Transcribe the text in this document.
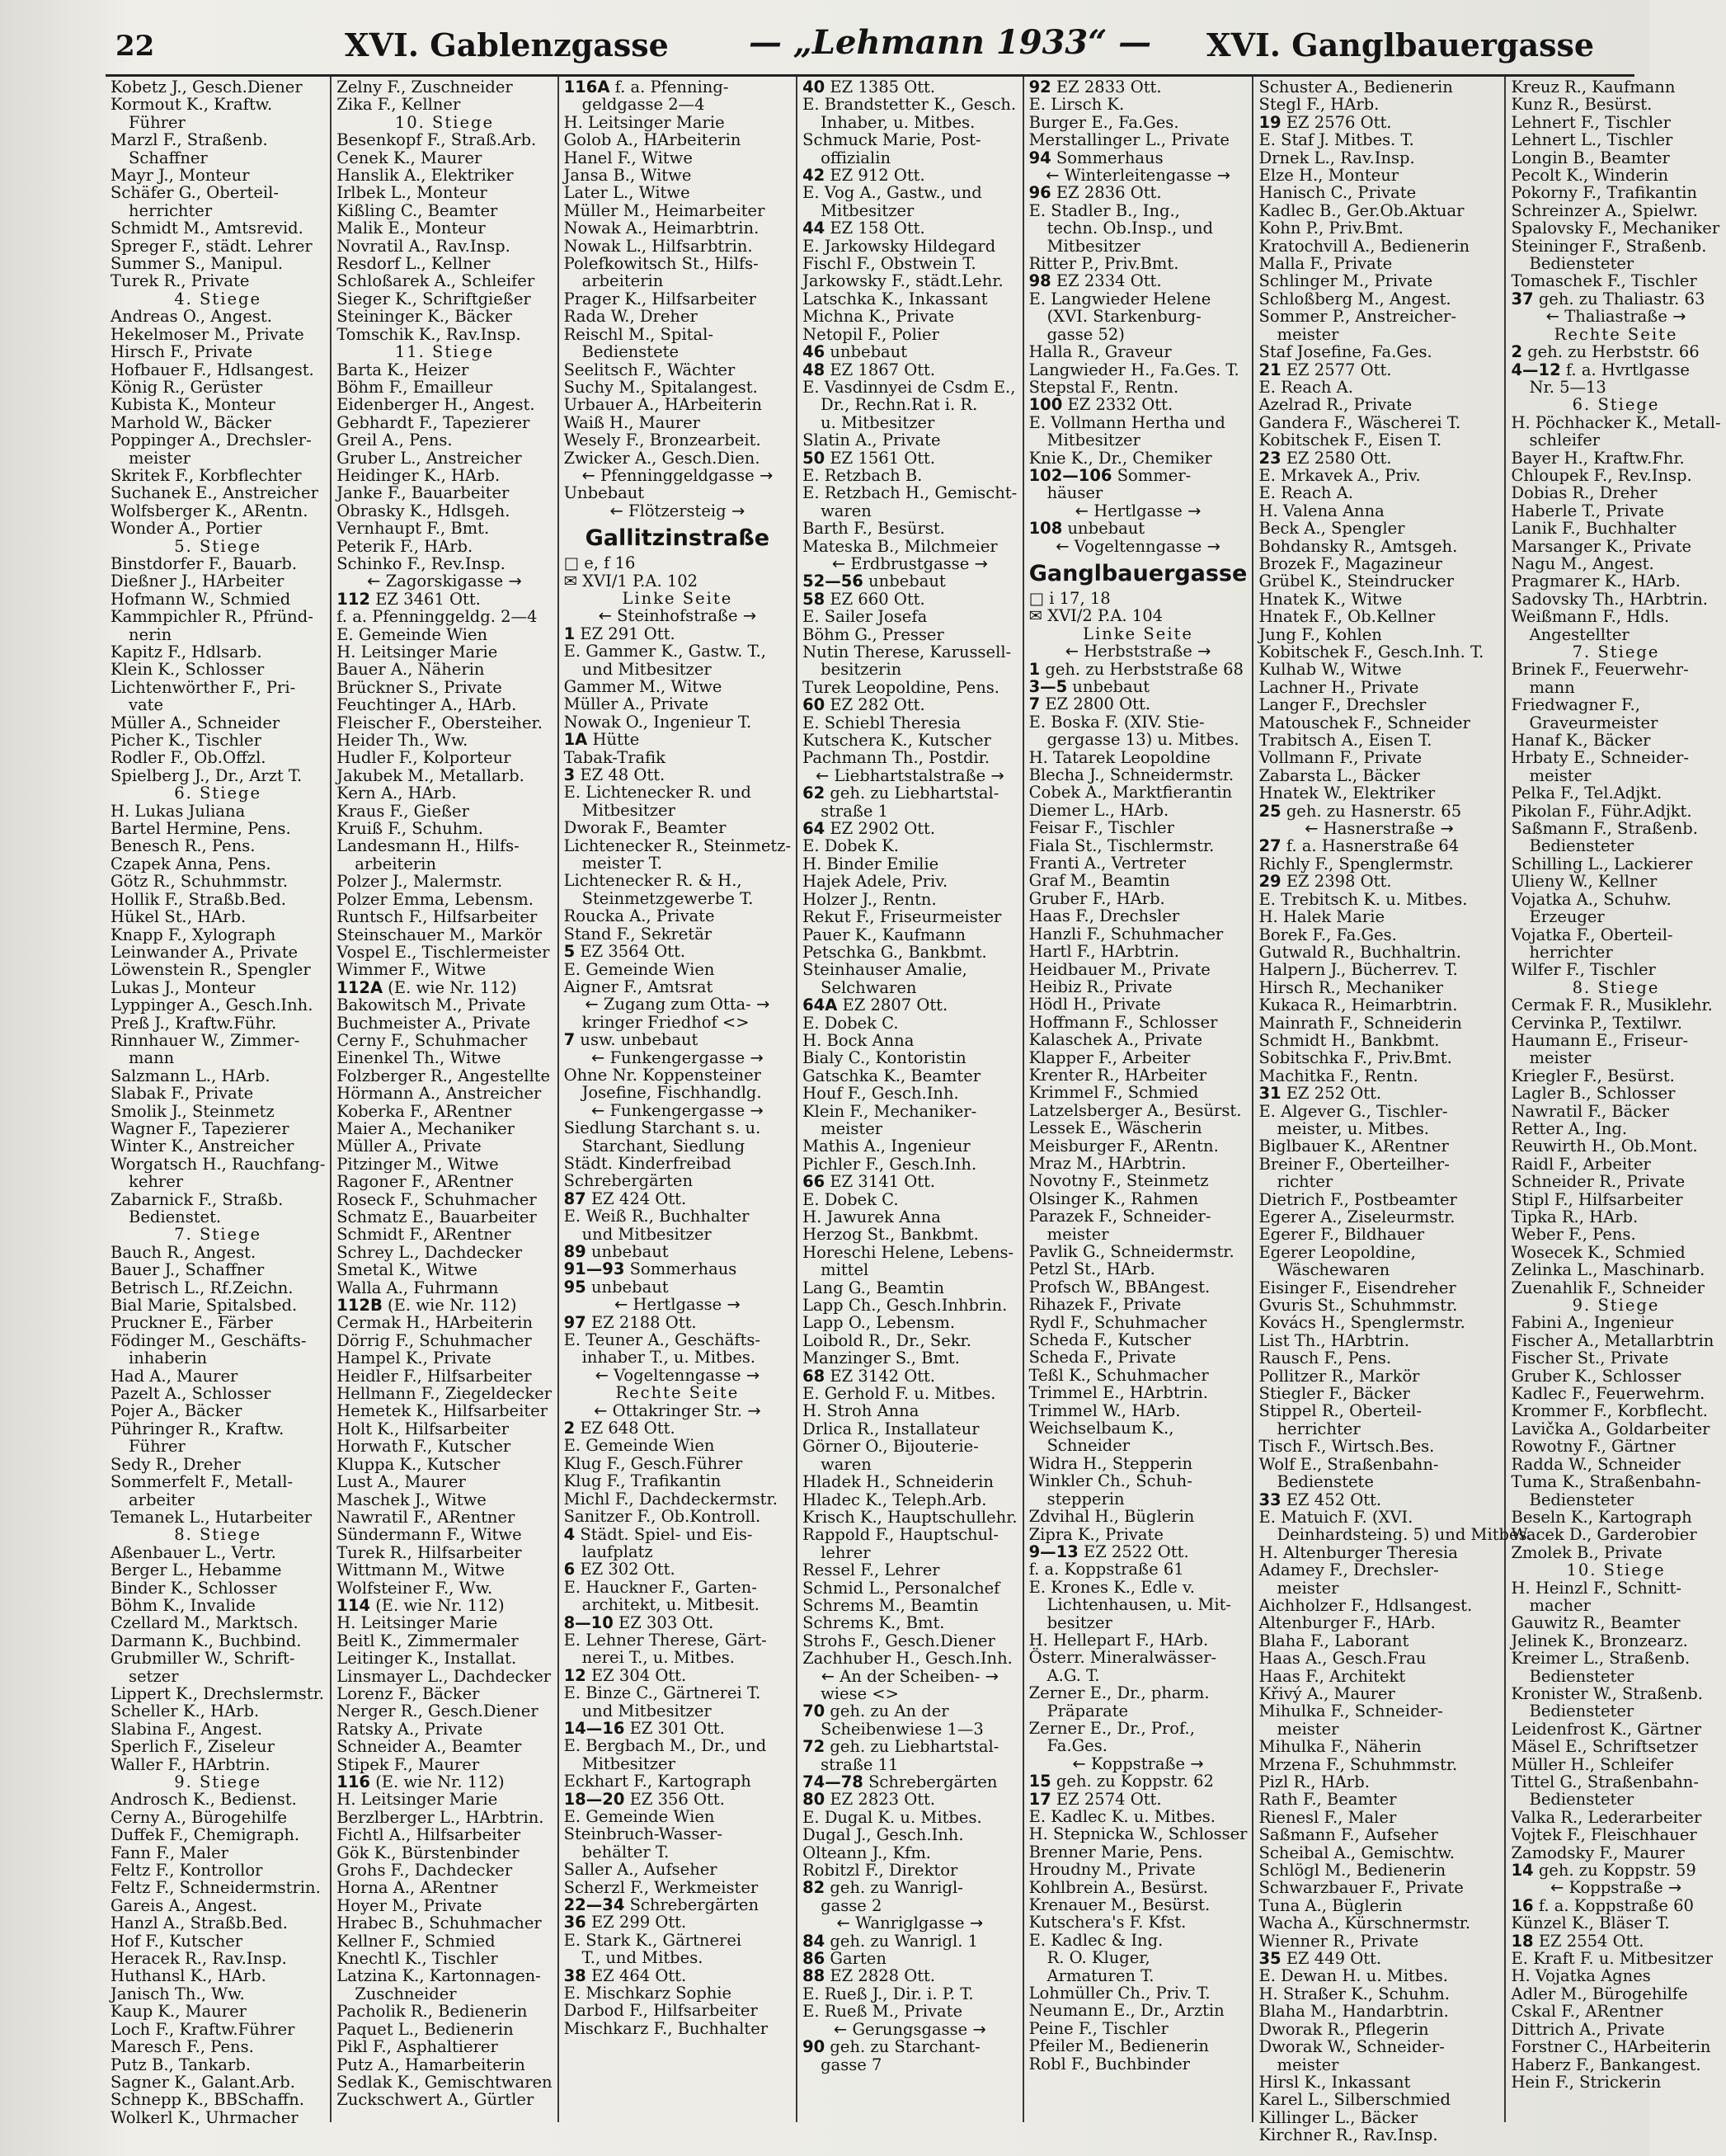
22	XVI. Gablenzgasse — „Lehmann 1933“ — XVI. Ganglbauergasse
Kobetz J., Gesch.Diener
Kormout K., Kraftw.
Führer
Marzl F., Straßenb.
Schaffner
Mayr J., Monteur
Schäfer G., Oberteil-
herrichter
Schmidt M., Amtsrevid.
Spreger F., städt. Lehrer
Summer S., Manipul.
Turek R., Private
4. Stiege
Andreas O., Angest.
Hekelmoser M., Private
Hirsch F., Private
Hofbauer F., Hdlsangest.
König R., Gerüster
Kubista K., Monteur
Marhold W., Bäcker
Poppinger A., Drechsler-
meister
Skritek F., Korbflechter
Suchanek E., Anstreicher
Wolfsberger K., ARentn.
Wonder A., Portier
5. Stiege
Binstdorfer F., Bauarb.
Dießner J., HArbeiter
Hofmann W., Schmied
Kammpichler R., Pfründ-
nerin
Kapitz F., Hdlsarb.
Klein K., Schlosser
Lichtenwörther F., Pri-
vate
Müller A., Schneider
Picher K., Tischler
Rodler F., Ob.Offzl.
Spielberg J., Dr., Arzt T.
6. Stiege
H. Lukas Juliana
Bartel Hermine, Pens.
Benesch R., Pens.
Czapek Anna, Pens.
Götz R., Schuhmmstr.
Hollik F., Straßb.Bed.
Hükel St., HArb.
Knapp F., Xylograph
Leinwander A., Private
Löwenstein R., Spengler
Lukas J., Monteur
Lyppinger A., Gesch.Inh.
Preß J., Kraftw.Führ.
Rinnhauer W., Zimmer-
mann
Salzmann L., HArb.
Slabak F., Private
Smolik J., Steinmetz
Wagner F., Tapezierer
Winter K., Anstreicher
Worgatsch H., Rauchfang-
kehrer
Zabarnick F., Straßb.
Bedienstet.
7. Stiege
Bauch R., Angest.
Bauer J., Schaffner
Betrisch L., Rf.Zeichn.
Bial Marie, Spitalsbed.
Pruckner E., Färber
Födinger M., Geschäfts-
inhaberin
Had A., Maurer
Pazelt A., Schlosser
Pojer A., Bäcker
Pühringer R., Kraftw.
Führer
Sedy R., Dreher
Sommerfelt F., Metall-
arbeiter
Temanek L., Hutarbeiter
8. Stiege
Aßenbauer L., Vertr.
Berger L., Hebamme
Binder K., Schlosser
Böhm K., Invalide
Czellard M., Marktsch.
Darmann K., Buchbind.
Grubmiller W., Schrift-
setzer
Lippert K., Drechslermstr.
Scheller K., HArb.
Slabina F., Angest.
Sperlich F., Ziseleur
Waller F., HArbtrin.
9. Stiege
Androsch K., Bedienst.
Cerny A., Bürogehilfe
Duffek F., Chemigraph.
Fann F., Maler
Feltz F., Kontrollor
Feltz F., Schneidermstrin.
Gareis A., Angest.
Hanzl A., Straßb.Bed.
Hof F., Kutscher
Heracek R., Rav.Insp.
Huthansl K., HArb.
Janisch Th., Ww.
Kaup K., Maurer
Loch F., Kraftw.Führer
Maresch F., Pens.
Putz B., Tankarb.
Sagner K., Galant.Arb.
Schnepp K., BBSchaffn.
Wolkerl K., Uhrmacher
Zelny F., Zuschneider
Zika F., Kellner
10. Stiege
Besenkopf F., Straß.Arb.
Cenek K., Maurer
Hanslik A., Elektriker
Irlbek L., Monteur
Kißling C., Beamter
Malik E., Monteur
Novratil A., Rav.Insp.
Resdorf L., Kellner
Schloßarek A., Schleifer
Sieger K., Schriftgießer
Steininger K., Bäcker
Tomschik K., Rav.Insp.
11. Stiege
Barta K., Heizer
Böhm F., Emailleur
Eidenberger H., Angest.
Gebhardt F., Tapezierer
Greil A., Pens.
Gruber L., Anstreicher
Heidinger K., HArb.
Janke F., Bauarbeiter
Obrasky K., Hdlsgeh.
Vernhaupt F., Bmt.
Peterik F., HArb.
Schinko F., Rev.Insp.
← Zagorskigasse →
112 EZ 3461 Ott.
f. a. Pfenninggeldg. 2—4
E. Gemeinde Wien
H. Leitsinger Marie
Bauer A., Näherin
Brückner S., Private
Feuchtinger A., HArb.
Fleischer F., Obersteiher.
Heider Th., Ww.
Hudler F., Kolporteur
Jakubek M., Metallarb.
Kern A., HArb.
Kraus F., Gießer
Kruiß F., Schuhm.
Landesmann H., Hilfs-
arbeiterin
Polzer J., Malermstr.
Polzer Emma, Lebensm.
Runtsch F., Hilfsarbeiter
Steinschauer M., Markör
Vospel E., Tischlermeister
Wimmer F., Witwe
112A (E. wie Nr. 112)
Bakowitsch M., Private
Buchmeister A., Private
Cerny F., Schuhmacher
Einenkel Th., Witwe
Folzberger R., Angestellte
Hörmann A., Anstreicher
Koberka F., ARentner
Maier A., Mechaniker
Müller A., Private
Pitzinger M., Witwe
Ragoner F., ARentner
Roseck F., Schuhmacher
Schmatz E., Bauarbeiter
Schmidt F., ARentner
Schrey L., Dachdecker
Smetal K., Witwe
Walla A., Fuhrmann
112B (E. wie Nr. 112)
Cermak H., HArbeiterin
Dörrig F., Schuhmacher
Hampel K., Private
Heidler F., Hilfsarbeiter
Hellmann F., Ziegeldecker
Hemetek K., Hilfsarbeiter
Holt K., Hilfsarbeiter
Horwath F., Kutscher
Kluppa K., Kutscher
Lust A., Maurer
Maschek J., Witwe
Nawratil F., ARentner
Sündermann F., Witwe
Turek R., Hilfsarbeiter
Wittmann M., Witwe
Wolfsteiner F., Ww.
114 (E. wie Nr. 112)
H. Leitsinger Marie
Beitl K., Zimmermaler
Leitinger K., Installat.
Linsmayer L., Dachdecker
Lorenz F., Bäcker
Nerger R., Gesch.Diener
Ratsky A., Private
Schneider A., Beamter
Stipek F., Maurer
116 (E. wie Nr. 112)
H. Leitsinger Marie
Berzlberger L., HArbtrin.
Fichtl A., Hilfsarbeiter
Gök K., Bürstenbinder
Grohs F., Dachdecker
Horna A., ARentner
Hoyer M., Private
Hrabec B., Schuhmacher
Kellner F., Schmied
Knechtl K., Tischler
Latzina K., Kartonnagen-
Zuschneider
Pacholik R., Bedienerin
Paquet L., Bedienerin
Pikl F., Asphaltierer
Putz A., Hamarbeiterin
Sedlak K., Gemischtwaren
Zuckschwert A., Gürtler
116A f. a. Pfenning-
geldgasse 2—4
H. Leitsinger Marie
Golob A., HArbeiterin
Hanel F., Witwe
Jansa B., Witwe
Later L., Witwe
Müller M., Heimarbeiter
Nowak A., Heimarbtrin.
Nowak L., Hilfsarbtrin.
Polefkowitsch St., Hilfs-
arbeiterin
Prager K., Hilfsarbeiter
Rada W., Dreher
Reischl M., Spital-
Bedienstete
Seelitsch F., Wächter
Suchy M., Spitalangest.
Urbauer A., HArbeiterin
Waiß H., Maurer
Wesely F., Bronzearbeit.
Zwicker A., Gesch.Dien.
← Pfenninggeldgasse →
Unbebaut
← Flötzersteig →
Gallitzinstraße
□ e, f 16
✉ XVI/1 P.A. 102
Linke Seite
← Steinhofstraße →
1 EZ 291 Ott.
E. Gammer K., Gastw. T.,
und Mitbesitzer
Gammer M., Witwe
Müller A., Private
Nowak O., Ingenieur T.
1A Hütte
Tabak-Trafik
3 EZ 48 Ott.
E. Lichtenecker R. und
Mitbesitzer
Dworak F., Beamter
Lichtenecker R., Steinmetz-
meister T.
Lichtenecker R. & H.,
Steinmetzgewerbe T.
Roucka A., Private
Stand F., Sekretär
5 EZ 3564 Ott.
E. Gemeinde Wien
Aigner F., Amtsrat
← Zugang zum Otta- →
kringer Friedhof <>
7 usw. unbebaut
← Funkengergasse →
Ohne Nr. Koppensteiner
Josefine, Fischhandlg.
← Funkengergasse →
Siedlung Starchant s. u.
Starchant, Siedlung
Städt. Kinderfreibad
Schrebergärten
87 EZ 424 Ott.
E. Weiß R., Buchhalter
und Mitbesitzer
89 unbebaut
91—93 Sommerhaus
95 unbebaut
← Hertlgasse →
97 EZ 2188 Ott.
E. Teuner A., Geschäfts-
inhaber T., u. Mitbes.
← Vogeltenngasse →
Rechte Seite
← Ottakringer Str. →
2 EZ 648 Ott.
E. Gemeinde Wien
Klug F., Gesch.Führer
Klug F., Trafikantin
Michl F., Dachdeckermstr.
Sanitzer F., Ob.Kontroll.
4 Städt. Spiel- und Eis-
laufplatz
6 EZ 302 Ott.
E. Hauckner F., Garten-
architekt, u. Mitbesit.
8—10 EZ 303 Ott.
E. Lehner Therese, Gärt-
nerei T., u. Mitbes.
12 EZ 304 Ott.
E. Binze C., Gärtnerei T.
und Mitbesitzer
14—16 EZ 301 Ott.
E. Bergbach M., Dr., und
Mitbesitzer
Eckhart F., Kartograph
18—20 EZ 356 Ott.
E. Gemeinde Wien
Steinbruch-Wasser-
behälter T.
Saller A., Aufseher
Scherzl F., Werkmeister
22—34 Schrebergärten
36 EZ 299 Ott.
E. Stark K., Gärtnerei
T., und Mitbes.
38 EZ 464 Ott.
E. Mischkarz Sophie
Darbod F., Hilfsarbeiter
Mischkarz F., Buchhalter
40 EZ 1385 Ott.
E. Brandstetter K., Gesch.
Inhaber, u. Mitbes.
Schmuck Marie, Post-
offizialin
42 EZ 912 Ott.
E. Vog A., Gastw., und
Mitbesitzer
44 EZ 158 Ott.
E. Jarkowsky Hildegard
Fischl F., Obstwein T.
Jarkowsky F., städt.Lehr.
Latschka K., Inkassant
Michna K., Private
Netopil F., Polier
46 unbebaut
48 EZ 1867 Ott.
E. Vasdinnyei de Csdm E.,
Dr., Rechn.Rat i. R.
u. Mitbesitzer
Slatin A., Private
50 EZ 1561 Ott.
E. Retzbach B.
E. Retzbach H., Gemischt-
waren
Barth F., Besürst.
Mateska B., Milchmeier
← Erdbrustgasse →
52—56 unbebaut
58 EZ 660 Ott.
E. Sailer Josefa
Böhm G., Presser
Nutin Therese, Karussell-
besitzerin
Turek Leopoldine, Pens.
60 EZ 282 Ott.
E. Schiebl Theresia
Kutschera K., Kutscher
Pachmann Th., Postdir.
← Liebhartstalstraße →
62 geh. zu Liebhartstal-
straße 1
64 EZ 2902 Ott.
E. Dobek K.
H. Binder Emilie
Hajek Adele, Priv.
Holzer J., Rentn.
Rekut F., Friseurmeister
Pauer K., Kaufmann
Petschka G., Bankbmt.
Steinhauser Amalie,
Selchwaren
64A EZ 2807 Ott.
E. Dobek C.
H. Bock Anna
Bialy C., Kontoristin
Gatschka K., Beamter
Houf F., Gesch.Inh.
Klein F., Mechaniker-
meister
Mathis A., Ingenieur
Pichler F., Gesch.Inh.
66 EZ 3141 Ott.
E. Dobek C.
H. Jawurek Anna
Herzog St., Bankbmt.
Horeschi Helene, Lebens-
mittel
Lang G., Beamtin
Lapp Ch., Gesch.Inhbrin.
Lapp O., Lebensm.
Loibold R., Dr., Sekr.
Manzinger S., Bmt.
68 EZ 3142 Ott.
E. Gerhold F. u. Mitbes.
H. Stroh Anna
Drlica R., Installateur
Görner O., Bijouterie-
waren
Hladek H., Schneiderin
Hladec K., Teleph.Arb.
Krisch K., Hauptschullehr.
Rappold F., Hauptschul-
lehrer
Ressel F., Lehrer
Schmid L., Personalchef
Schrems M., Beamtin
Schrems K., Bmt.
Strohs F., Gesch.Diener
Zachhuber H., Gesch.Inh.
← An der Scheiben- →
wiese <>
70 geh. zu An der
Scheibenwiese 1—3
72 geh. zu Liebhartstal-
straße 11
74—78 Schrebergärten
80 EZ 2823 Ott.
E. Dugal K. u. Mitbes.
Dugal J., Gesch.Inh.
Olteann J., Kfm.
Robitzl F., Direktor
82 geh. zu Wanrigl-
gasse 2
← Wanriglgasse →
84 geh. zu Wanrigl. 1
86 Garten
88 EZ 2828 Ott.
E. Rueß J., Dir. i. P. T.
E. Rueß M., Private
← Gerungsgasse →
90 geh. zu Starchant-
gasse 7
92 EZ 2833 Ott.
E. Lirsch K.
Burger E., Fa.Ges.
Merstallinger L., Private
94 Sommerhaus
← Winterleitengasse →
96 EZ 2836 Ott.
E. Stadler B., Ing.,
techn. Ob.Insp., und
Mitbesitzer
Ritter P., Priv.Bmt.
98 EZ 2334 Ott.
E. Langwieder Helene
(XVI. Starkenburg-
gasse 52)
Halla R., Graveur
Langwieder H., Fa.Ges. T.
Stepstal F., Rentn.
100 EZ 2332 Ott.
E. Vollmann Hertha und
Mitbesitzer
Knie K., Dr., Chemiker
102—106 Sommer-
häuser
← Hertlgasse →
108 unbebaut
← Vogeltenngasse →
Ganglbauergasse
□ i 17, 18
✉ XVI/2 P.A. 104
Linke Seite
← Herbststraße →
1 geh. zu Herbststraße 68
3—5 unbebaut
7 EZ 2800 Ott.
E. Boska F. (XIV. Stie-
gergasse 13) u. Mitbes.
H. Tatarek Leopoldine
Blecha J., Schneidermstr.
Cobek A., Marktfierantin
Diemer L., HArb.
Feisar F., Tischler
Fiala St., Tischlermstr.
Franti A., Vertreter
Graf M., Beamtin
Gruber F., HArb.
Haas F., Drechsler
Hanzli F., Schuhmacher
Hartl F., HArbtrin.
Heidbauer M., Private
Heibiz R., Private
Hödl H., Private
Hoffmann F., Schlosser
Kalaschek A., Private
Klapper F., Arbeiter
Krenter R., HArbeiter
Krimmel F., Schmied
Latzelsberger A., Besürst.
Lessek E., Wäscherin
Meisburger F., ARentn.
Mraz M., HArbtrin.
Novotny F., Steinmetz
Olsinger K., Rahmen
Parazek F., Schneider-
meister
Pavlik G., Schneidermstr.
Petzl St., HArb.
Profsch W., BBAngest.
Rihazek F., Private
Rydl F., Schuhmacher
Scheda F., Kutscher
Scheda F., Private
Teßl K., Schuhmacher
Trimmel E., HArbtrin.
Trimmel W., HArb.
Weichselbaum K.,
Schneider
Widra H., Stepperin
Winkler Ch., Schuh-
stepperin
Zdvihal H., Büglerin
Zipra K., Private
9—13 EZ 2522 Ott.
f. a. Koppstraße 61
E. Krones K., Edle v.
Lichtenhausen, u. Mit-
besitzer
H. Hellepart F., HArb.
Österr. Mineralwässer-
A.G. T.
Zerner E., Dr., pharm.
Präparate
Zerner E., Dr., Prof.,
Fa.Ges.
← Koppstraße →
15 geh. zu Koppstr. 62
17 EZ 2574 Ott.
E. Kadlec K. u. Mitbes.
H. Stepnicka W., Schlosser
Brenner Marie, Pens.
Hroudny M., Private
Kohlbrein A., Besürst.
Krenauer M., Besürst.
Kutschera's F. Kfst.
E. Kadlec & Ing.
R. O. Kluger,
Armaturen T.
Lohmüller Ch., Priv. T.
Neumann E., Dr., Arztin
Peine F., Tischler
Pfeiler M., Bedienerin
Robl F., Buchbinder
Schuster A., Bedienerin
Stegl F., HArb.
19 EZ 2576 Ott.
E. Staf J. Mitbes. T.
Drnek L., Rav.Insp.
Elze H., Monteur
Hanisch C., Private
Kadlec B., Ger.Ob.Aktuar
Kohn P., Priv.Bmt.
Kratochvill A., Bedienerin
Malla F., Private
Schlinger M., Private
Schloßberg M., Angest.
Sommer P., Anstreicher-
meister
Staf Josefine, Fa.Ges.
21 EZ 2577 Ott.
E. Reach A.
Azelrad R., Private
Gandera F., Wäscherei T.
Kobitschek F., Eisen T.
23 EZ 2580 Ott.
E. Mrkavek A., Priv.
E. Reach A.
H. Valena Anna
Beck A., Spengler
Bohdansky R., Amtsgeh.
Brozek F., Magazineur
Grübel K., Steindrucker
Hnatek K., Witwe
Hnatek F., Ob.Kellner
Jung F., Kohlen
Kobitschek F., Gesch.Inh. T.
Kulhab W., Witwe
Lachner H., Private
Langer F., Drechsler
Matouschek F., Schneider
Trabitsch A., Eisen T.
Vollmann F., Private
Zabarsta L., Bäcker
Hnatek W., Elektriker
25 geh. zu Hasnerstr. 65
← Hasnerstraße →
27 f. a. Hasnerstraße 64
Richly F., Spenglermstr.
29 EZ 2398 Ott.
E. Trebitsch K. u. Mitbes.
H. Halek Marie
Borek F., Fa.Ges.
Gutwald R., Buchhaltrin.
Halpern J., Bücherrev. T.
Hirsch R., Mechaniker
Kukaca R., Heimarbtrin.
Mainrath F., Schneiderin
Schmidt H., Bankbmt.
Sobitschka F., Priv.Bmt.
Machitka F., Rentn.
31 EZ 252 Ott.
E. Algever G., Tischler-
meister, u. Mitbes.
Biglbauer K., ARentner
Breiner F., Oberteilher-
richter
Dietrich F., Postbeamter
Egerer A., Ziseleurmstr.
Egerer F., Bildhauer
Egerer Leopoldine,
Wäschewaren
Eisinger F., Eisendreher
Gvuris St., Schuhmmstr.
Kovács H., Spenglermstr.
List Th., HArbtrin.
Rausch F., Pens.
Pollitzer R., Markör
Stiegler F., Bäcker
Stippel R., Oberteil-
herrichter
Tisch F., Wirtsch.Bes.
Wolf E., Straßenbahn-
Bedienstete
33 EZ 452 Ott.
E. Matuich F. (XVI.
Deinhardsteing. 5) und Mitbes.
H. Altenburger Theresia
Adamey F., Drechsler-
meister
Aichholzer F., Hdlsangest.
Altenburger F., HArb.
Blaha F., Laborant
Haas A., Gesch.Frau
Haas F., Architekt
Křivý A., Maurer
Mihulka F., Schneider-
meister
Mihulka F., Näherin
Mrzena F., Schuhmmstr.
Pizl R., HArb.
Rath F., Beamter
Rienesl F., Maler
Saßmann F., Aufseher
Scheibal A., Gemischtw.
Schlögl M., Bedienerin
Schwarzbauer F., Private
Tuna A., Büglerin
Wacha A., Kürschnermstr.
Wienner R., Private
35 EZ 449 Ott.
E. Dewan H. u. Mitbes.
H. Straßer K., Schuhm.
Blaha M., Handarbtrin.
Dworak R., Pflegerin
Dworak W., Schneider-
meister
Hirsl K., Inkassant
Karel L., Silberschmied
Killinger L., Bäcker
Kirchner R., Rav.Insp.
Kreuz R., Kaufmann
Kunz R., Besürst.
Lehnert F., Tischler
Lehnert L., Tischler
Longin B., Beamter
Pecolt K., Winderin
Pokorny F., Trafikantin
Schreinzer A., Spielwr.
Spalovsky F., Mechaniker
Steininger F., Straßenb.
Bediensteter
Tomaschek F., Tischler
37 geh. zu Thaliastr. 63
← Thaliastraße →
Rechte Seite
2 geh. zu Herbststr. 66
4—12 f. a. Hvrtlgasse
Nr. 5—13
6. Stiege
H. Pöchhacker K., Metall-
schleifer
Bayer H., Kraftw.Fhr.
Chloupek F., Rev.Insp.
Dobias R., Dreher
Haberle T., Private
Lanik F., Buchhalter
Marsanger K., Private
Nagu M., Angest.
Pragmarer K., HArb.
Sadovsky Th., HArbtrin.
Weißmann F., Hdls.
Angestellter
7. Stiege
Brinek F., Feuerwehr-
mann
Friedwagner F.,
Graveurmeister
Hanaf K., Bäcker
Hrbaty E., Schneider-
meister
Pelka F., Tel.Adjkt.
Pikolan F., Führ.Adjkt.
Saßmann F., Straßenb.
Bediensteter
Schilling L., Lackierer
Ulieny W., Kellner
Vojatka A., Schuhw.
Erzeuger
Vojatka F., Oberteil-
herrichter
Wilfer F., Tischler
8. Stiege
Cermak F. R., Musiklehr.
Cervinka P., Textilwr.
Haumann E., Friseur-
meister
Kriegler F., Besürst.
Lagler B., Schlosser
Nawratil F., Bäcker
Retter A., Ing.
Reuwirth H., Ob.Mont.
Raidl F., Arbeiter
Schneider R., Private
Stipl F., Hilfsarbeiter
Tipka R., HArb.
Weber F., Pens.
Wosecek K., Schmied
Zelinka L., Maschinarb.
Zuenahlik F., Schneider
9. Stiege
Fabini A., Ingenieur
Fischer A., Metallarbtrin
Fischer St., Private
Gruber K., Schlosser
Kadlec F., Feuerwehrm.
Krommer F., Korbflecht.
Lavička A., Goldarbeiter
Rowotny F., Gärtner
Radda W., Schneider
Tuma K., Straßenbahn-
Bediensteter
Beseln K., Kartograph
Wacek D., Garderobier
Zmolek B., Private
10. Stiege
H. Heinzl F., Schnitt-
macher
Gauwitz R., Beamter
Jelinek K., Bronzearz.
Kreimer L., Straßenb.
Bediensteter
Kronister W., Straßenb.
Bediensteter
Leidenfrost K., Gärtner
Mäsel E., Schriftsetzer
Müller H., Schleifer
Tittel G., Straßenbahn-
Bediensteter
Valka R., Lederarbeiter
Vojtek F., Fleischhauer
Zamodsky F., Maurer
14 geh. zu Koppstr. 59
← Koppstraße →
16 f. a. Koppstraße 60
Künzel K., Bläser T.
18 EZ 2554 Ott.
E. Kraft F. u. Mitbesitzer
H. Vojatka Agnes
Adler M., Bürogehilfe
Cskal F., ARentner
Dittrich A., Private
Forstner C., HArbeiterin
Haberz F., Bankangest.
Hein F., Strickerin
